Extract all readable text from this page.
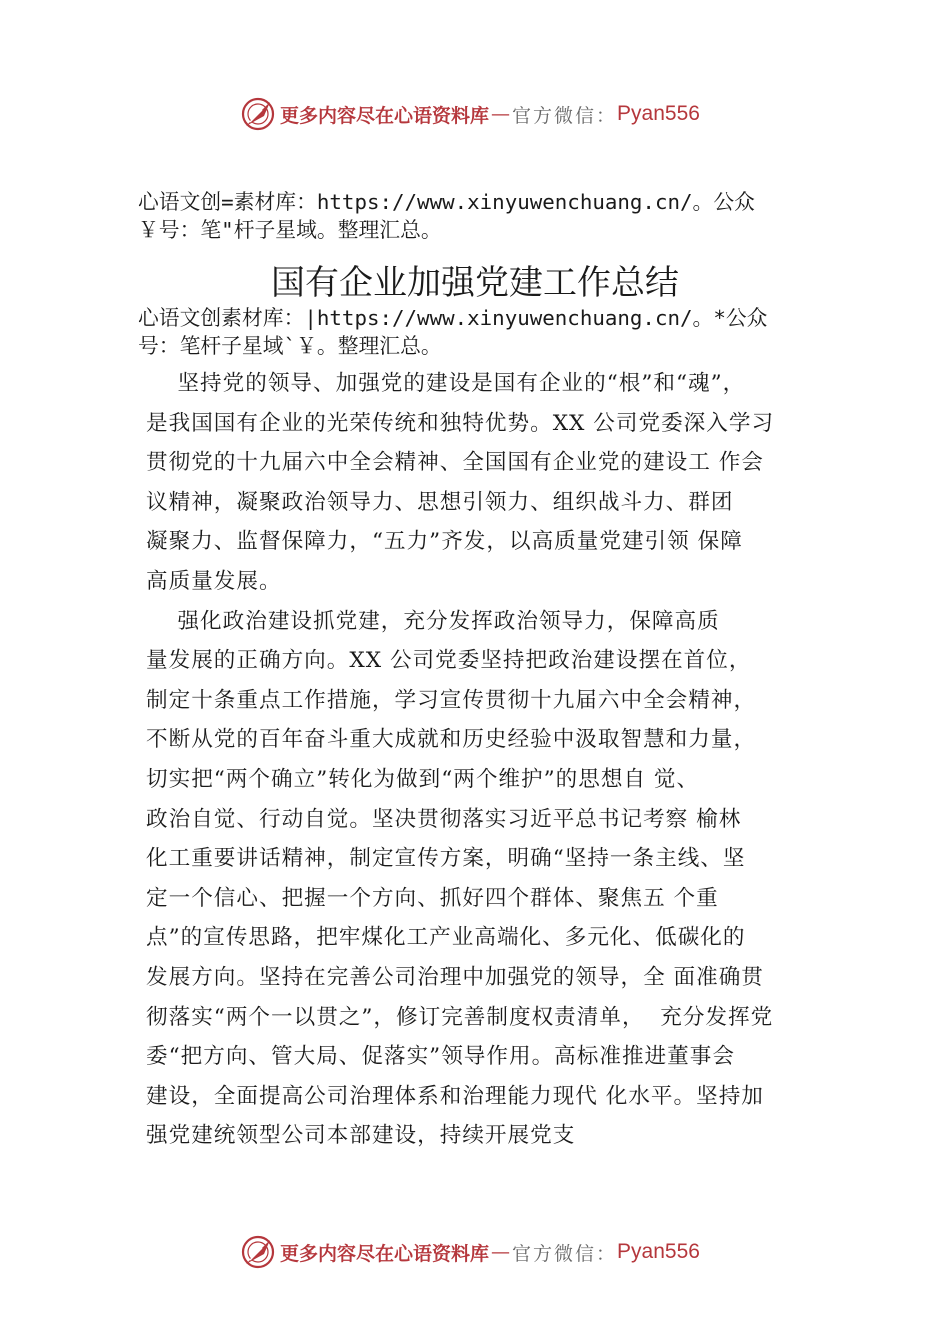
更多内容尽在心语资料库 — 官方微信： Pyan556
心语文创=素材库：https://www.xinyuwenchuang.cn/。公众
￥号：笔"杆子星域。整理汇总。
国有企业加强党建工作总结
心语文创素材库：|https://www.xinyuwenchuang.cn/。*公众
号：笔杆子星域`￥。整理汇总。
坚持党的领导、加强党的建设是国有企业的“根”和“魂”，
是我国国有企业的光荣传统和独特优势。XX 公司党委深入学习
贯彻党的十九届六中全会精神、全国国有企业党的建设工 作会
议精神，凝聚政治领导力、思想引领力、组织战斗力、群团
凝聚力、监督保障力，“五力”齐发，以高质量党建引领 保障
高质量发展。
强化政治建设抓党建，充分发挥政治领导力，保障高质
量发展的正确方向。XX 公司党委坚持把政治建设摆在首位，
制定十条重点工作措施，学习宣传贯彻十九届六中全会精神，
不断从党的百年奋斗重大成就和历史经验中汲取智慧和力量，
切实把“两个确立”转化为做到“两个维护”的思想自 觉、
政治自觉、行动自觉。坚决贯彻落实习近平总书记考察 榆林
化工重要讲话精神，制定宣传方案，明确“坚持一条主线、坚
定一个信心、把握一个方向、抓好四个群体、聚焦五 个重
点”的宣传思路，把牢煤化工产业高端化、多元化、低碳化的
发展方向。坚持在完善公司治理中加强党的领导，全 面准确贯
彻落实“两个一以贯之”，修订完善制度权责清单，  充分发挥党
委“把方向、管大局、促落实”领导作用。高标准推进董事会
建设，全面提高公司治理体系和治理能力现代 化水平。坚持加
强党建统领型公司本部建设，持续开展党支
更多内容尽在心语资料库 — 官方微信： Pyan556
